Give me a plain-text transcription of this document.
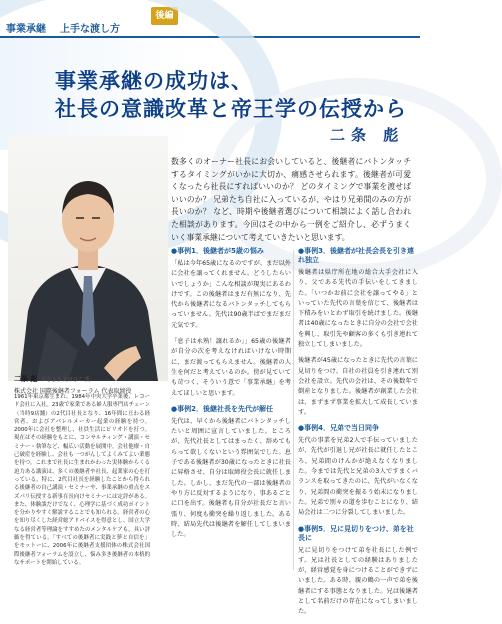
事業承継 上手な渡し方
後編
事業承継の成功は、
社長の意識改革と帝王学の伝授から
二条 彪

二条 彪 にじょう たけひこ 氏

株式会社 国際後継者フォーラム 代表取締役

1961年東京都生まれ。1984年中央大学卒業後、レコード会社に入社。23歳で家業である婦人服専門店チェーン（当時9店舗）の2代目社長となり、16年間に亘わる経営者、およびアパレルメーカー起業の経験を持つ。2000年に会社を整理し、社員生活にピリオドを打つ。現在はその経験をもとに、コンサルティング・講演・セミナー・執筆など、幅広い活動を展開中。会社他療・自己破産を経験し、会社も一つがんしてよくみてよい業態を持つ。これまで社長に生まれかわった実体験からくる迫力ある講演は、多くの後継者や社長、起業家の心を打っている。特に、2代目社長を経験したことから得られる後継者の自己講演・セミナーや、事業承継の重点をスズパリ伝授する新事在長向けセミナーには定評がある。また、体験談だけでなく、心理学に基づく成功ポイントを分かりやすく解説することでも知られる。経営者の心を知り尽くした経営総アドバイスを得意とし、国立大学なる経営者等理論をすすめたのメンタルケアも。具い評価を得ている。「すべての後継者に実践と夢と自信を」をモットーに、2006年に後継者支援団体の株式会社国際後継者フォーラムを設立し、悩み多き後継者の本格的なサポートを開始している。

数多くのオーナー社長にお会いしていると、後継者にバトンタッチするタイミングがいかに大切か、痛感させられます。後継者が可愛くなったら社長にすればいいのか？ どのタイミングで事業を渡せばいいのか？ 兄弟たち自社に入っているが、やはり兄弟間のみの方が長いのか？ など、時期や後継者選びについて相談によく話し合われた相談があります。今回はその中から一例をご紹介し、必ずうまくいく事業承継について考えていきたいと思います。

●事例1．後継者が5歳の悩み

「私は今年65歳になるのですが、まだ以外に会社を譲ってくれません。どうしたらいいでしょうか」こんな相談が現実にあるわけです。この後継者はまだ有無になり、先代から後継者になるバトンタッチしてもらっていません。先代は90歳半ばでまだまだ元気です。

「息子は永熟！譲れるか」」65歳の後継者が自分の次を考えなければいけない時期に、まだ渡ってもらえません。後継者の人生を何だと考えているのか。傍が見ていても苛つく、そういう意で「事業承継」を考えてほしいと思います。

●事例2．後継社長を先代が解任

先代は、早くから後継者にバトンタッチしたいと周囲に宣言していました。ところが、先代社長としてはまったく、辞めてもらって欲しくないという雰囲気でした。息子である後継者が30歳になったときに社長に昇格させ、自分は取締役会長に就任しました。しかし、まだ先代の一部は後継者のやり方に反対するようになり、事あるごとに口を出す。後継者も自分が社長だと言い張り、何度も衝突を繰り返しました。ある時、結局先代は後継者を解任してしまいました。

●事例3．後継者が社長会長を引き連れ独立

後継者は県庁所在地の総合大手会社に入り、父である先代の手伝いをしてきました。「いつかお前に会社を譲ってやる」といっていた先代の言葉を信じて、後継者は下積みをいとわず取引を続けました。後継者は40歳になったときに自分の会社で会社を興し、取引先や顧客の多くも引き連れて独立してしまいました。

後継者が45歳になったときに先代の言葉に見切りをつけ、自社の社員を引き連れて別会社を設立。先代の会社は、その後数年で倒産となりました。後継者が創業した会社は、まずまず事業を拡大して成長しています。

●事例4．兄弟で当日同争

先代の事業を兄弟2人で手伝っていましたが、先代が引退し兄が社長に就任したところ、兄弟間のけんかが絶えなくなりました。今までは先代と兄弟の3人ですまくバランスを取ってきたのに、先代がいなくなり、兄弟間の衝突を振るう始末になりました。兄弟で別々の道を歩むことになり、結局会社は二つに分裂してしまいました。

●事例5．兄に見切りをつけ、弟を社長に

兄に見切りをつけて弟を社長にした例です。兄は社長としての経験はありましたが、経営感覚を身につけることができずにいました。ある時、親の鶴の一声で弟を後継者にする事態となりました。兄は後継者として名前だけの存在になってしまいました。
